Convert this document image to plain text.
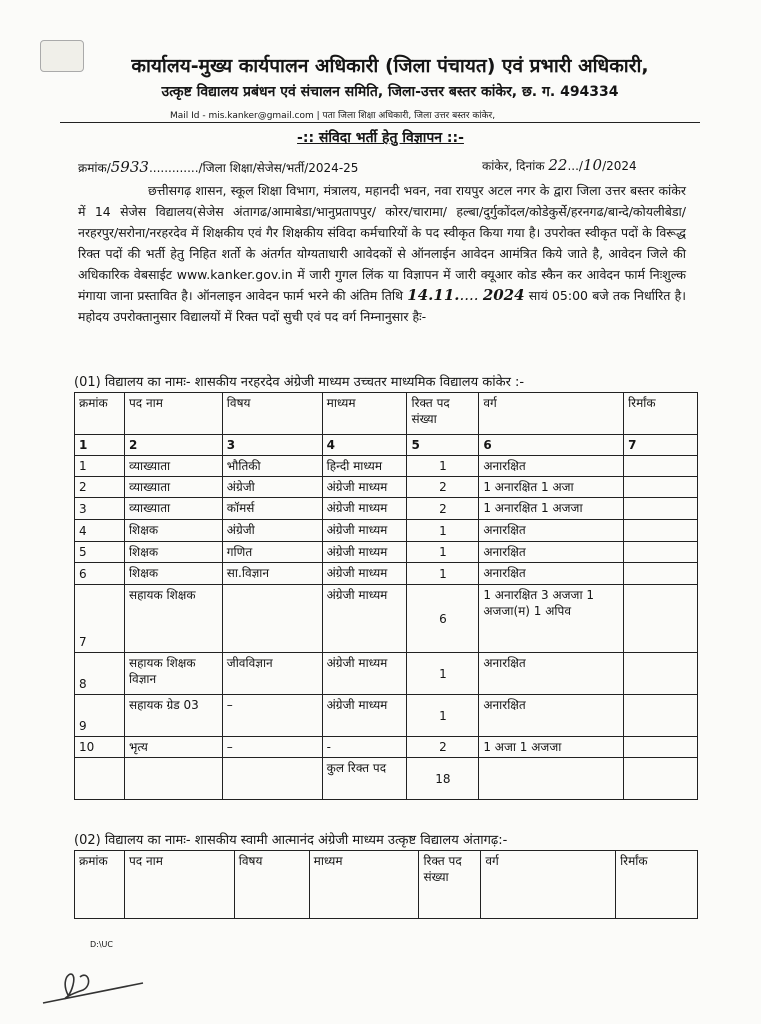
कार्यालय-मुख्य कार्यपालन अधिकारी (जिला पंचायत) एवं प्रभारी अधिकारी,
उत्कृष्ट विद्यालय प्रबंधन एवं संचालन समिति, जिला-उत्तर बस्तर कांकेर, छ. ग. 494334
Mail Id - mis.kanker@gmail.com | पता जिला शिक्षा अधिकारी, जिला उत्तर बस्तर कांकेर,
-:: संविदा भर्ती हेतु विज्ञापन ::-
क्रमांक/5933............./जिला शिक्षा/सेजेस/भर्ती/2024-25	कांकेर, दिनांक 22.../10/2024

छत्तीसगढ़ शासन, स्कूल शिक्षा विभाग, मंत्रालय, महानदी भवन, नवा रायपुर अटल नगर के द्वारा जिला उत्तर बस्तर कांकेर में 14 सेजेस विद्यालय(सेजेस अंतागढ/आमाबेडा/भानुप्रतापपुर/ कोरर/चारामा/ हल्बा/दुर्गुकोंदल/कोडेकुर्से/हरनगढ/बान्दे/कोयलीबेडा/नरहरपुर/सरोना/नरहरदेव में शिक्षकीय एवं गैर शिक्षकीय संविदा कर्मचारियों के पद स्वीकृत किया गया है। उपरोक्त स्वीकृत पदों के विरूद्ध रिक्त पदों की भर्ती हेतु निहित शर्तो के अंतर्गत योग्यताधारी आवेदकों से ऑनलाईन आवेदन आमंत्रित किये जाते है, आवेदन जिले की अधिकारिक वेबसाईट www.kanker.gov.in में जारी गुगल लिंक या विज्ञापन में जारी क्यूआर कोड स्कैन कर आवेदन फार्म निःशुल्क मंगाया जाना प्रस्तावित है। ऑनलाइन आवेदन फार्म भरने की अंतिम तिथि 14.11..... 2024 सायं 05:00 बजे तक निर्धारित है। महोदय उपरोक्तानुसार विद्यालयों में रिक्त पदों सुची एवं पद वर्ग निम्नानुसार हैः-

(01) विद्यालय का नामः- शासकीय नरहरदेव अंग्रेजी माध्यम उच्चतर माध्यमिक विद्यालय कांकेर :-
क्रमांक	पद नाम	विषय	माध्यम	रिक्त पद संख्या	वर्ग	रिर्मांक
1	2	3	4	5	6	7
1	व्याख्याता	भौतिकी	हिन्दी माध्यम	1	अनारक्षित	
2	व्याख्याता	अंग्रेजी	अंग्रेजी माध्यम	2	1 अनारक्षित 1 अजा	
3	व्याख्याता	कॉमर्स	अंग्रेजी माध्यम	2	1 अनारक्षित 1 अजजा	
4	शिक्षक	अंग्रेजी	अंग्रेजी माध्यम	1	अनारक्षित	
5	शिक्षक	गणित	अंग्रेजी माध्यम	1	अनारक्षित	
6	शिक्षक	सा.विज्ञान	अंग्रेजी माध्यम	1	अनारक्षित	
7	सहायक शिक्षक		अंग्रेजी माध्यम	6	1 अनारक्षित 3 अजजा 1 अजजा(म) 1 अपिव	
8	सहायक शिक्षक विज्ञान	जीवविज्ञान	अंग्रेजी माध्यम	1	अनारक्षित	
9	सहायक ग्रेड 03	–	अंग्रेजी माध्यम	1	अनारक्षित	
10	भृत्य	–	-	2	1 अजा 1 अजजा	
			कुल रिक्त पद	18		
(02) विद्यालय का नामः- शासकीय स्वामी आत्मानंद अंग्रेजी माध्यम उत्कृष्ट विद्यालय अंतागढ़:-
क्रमांक	पद नाम	विषय	माध्यम	रिक्त पद संख्या	वर्ग	रिर्मांक
D:\UC
